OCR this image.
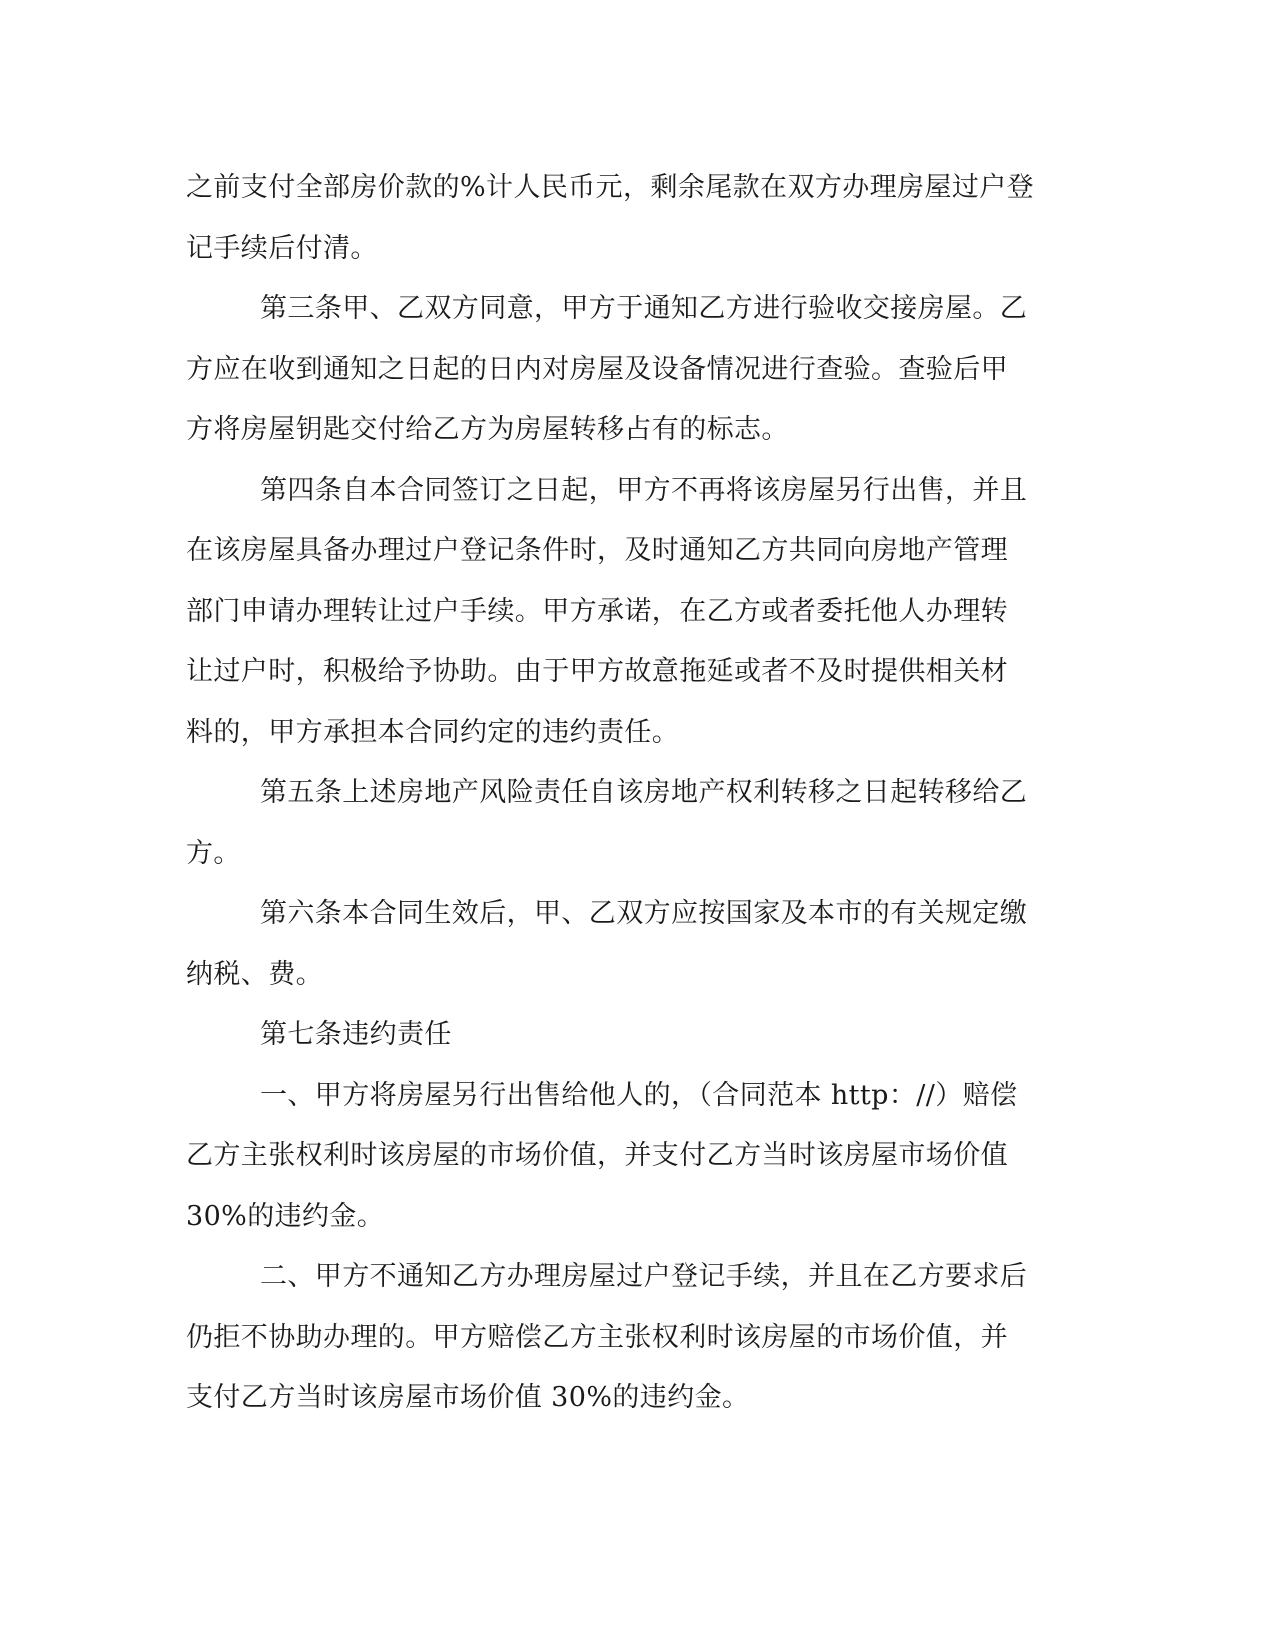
之前支付全部房价款的%计人民币元，剩余尾款在双方办理房屋过户登
记手续后付清。
第三条甲、乙双方同意，甲方于通知乙方进行验收交接房屋。乙
方应在收到通知之日起的日内对房屋及设备情况进行查验。查验后甲
方将房屋钥匙交付给乙方为房屋转移占有的标志。
第四条自本合同签订之日起，甲方不再将该房屋另行出售，并且
在该房屋具备办理过户登记条件时，及时通知乙方共同向房地产管理
部门申请办理转让过户手续。甲方承诺，在乙方或者委托他人办理转
让过户时，积极给予协助。由于甲方故意拖延或者不及时提供相关材
料的，甲方承担本合同约定的违约责任。
第五条上述房地产风险责任自该房地产权利转移之日起转移给乙
方。
第六条本合同生效后，甲、乙双方应按国家及本市的有关规定缴
纳税、费。
第七条违约责任
一、甲方将房屋另行出售给他人的，（合同范本 http：//）赔偿
乙方主张权利时该房屋的市场价值，并支付乙方当时该房屋市场价值
30%的违约金。
二、甲方不通知乙方办理房屋过户登记手续，并且在乙方要求后
仍拒不协助办理的。甲方赔偿乙方主张权利时该房屋的市场价值，并
支付乙方当时该房屋市场价值 30%的违约金。
